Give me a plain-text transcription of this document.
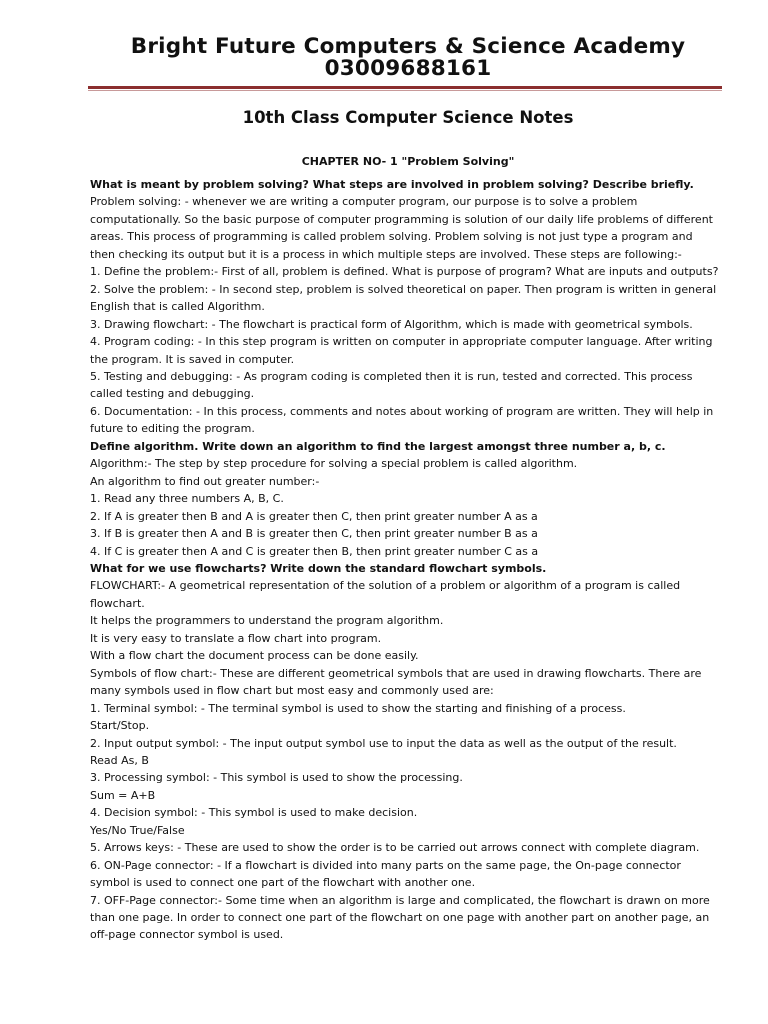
Bright Future Computers & Science Academy
03009688161
10th Class Computer Science Notes
CHAPTER NO- 1 "Problem Solving"
What is meant by problem solving? What steps are involved in problem solving? Describe briefly.
Problem solving: - whenever we are writing a computer program, our purpose is to solve a problem
computationally. So the basic purpose of computer programming is solution of our daily life problems of different
areas. This process of programming is called problem solving. Problem solving is not just type a program and
then checking its output but it is a process in which multiple steps are involved. These steps are following:-
1. Define the problem:- First of all, problem is defined. What is purpose of program? What are inputs and outputs?
2. Solve the problem: - In second step, problem is solved theoretical on paper. Then program is written in general
English that is called Algorithm.
3. Drawing flowchart: - The flowchart is practical form of Algorithm, which is made with geometrical symbols.
4. Program coding: - In this step program is written on computer in appropriate computer language. After writing
the program. It is saved in computer.
5. Testing and debugging: - As program coding is completed then it is run, tested and corrected. This process
called testing and debugging.
6. Documentation: - In this process, comments and notes about working of program are written. They will help in
future to editing the program.
Define algorithm. Write down an algorithm to find the largest amongst three number a, b, c.
Algorithm:- The step by step procedure for solving a special problem is called algorithm.
An algorithm to find out greater number:-
1. Read any three numbers A, B, C.
2. If A is greater then B and A is greater then C, then print greater number A as a
3. If B is greater then A and B is greater then C, then print greater number B as a
4. If C is greater then A and C is greater then B, then print greater number C as a
What for we use flowcharts? Write down the standard flowchart symbols.
FLOWCHART:- A geometrical representation of the solution of a problem or algorithm of a program is called
flowchart.
It helps the programmers to understand the program algorithm.
It is very easy to translate a flow chart into program.
With a flow chart the document process can be done easily.
Symbols of flow chart:- These are different geometrical symbols that are used in drawing flowcharts. There are
many symbols used in flow chart but most easy and commonly used are:
1. Terminal symbol: - The terminal symbol is used to show the starting and finishing of a process.
Start/Stop.
2. Input output symbol: - The input output symbol use to input the data as well as the output of the result.
Read As, B
3. Processing symbol: - This symbol is used to show the processing.
Sum = A+B
4. Decision symbol: - This symbol is used to make decision.
Yes/No True/False
5. Arrows keys: - These are used to show the order is to be carried out arrows connect with complete diagram.
6. ON-Page connector: - If a flowchart is divided into many parts on the same page, the On-page connector
symbol is used to connect one part of the flowchart with another one.
7. OFF-Page connector:- Some time when an algorithm is large and complicated, the flowchart is drawn on more
than one page. In order to connect one part of the flowchart on one page with another part on another page, an
off-page connector symbol is used.
